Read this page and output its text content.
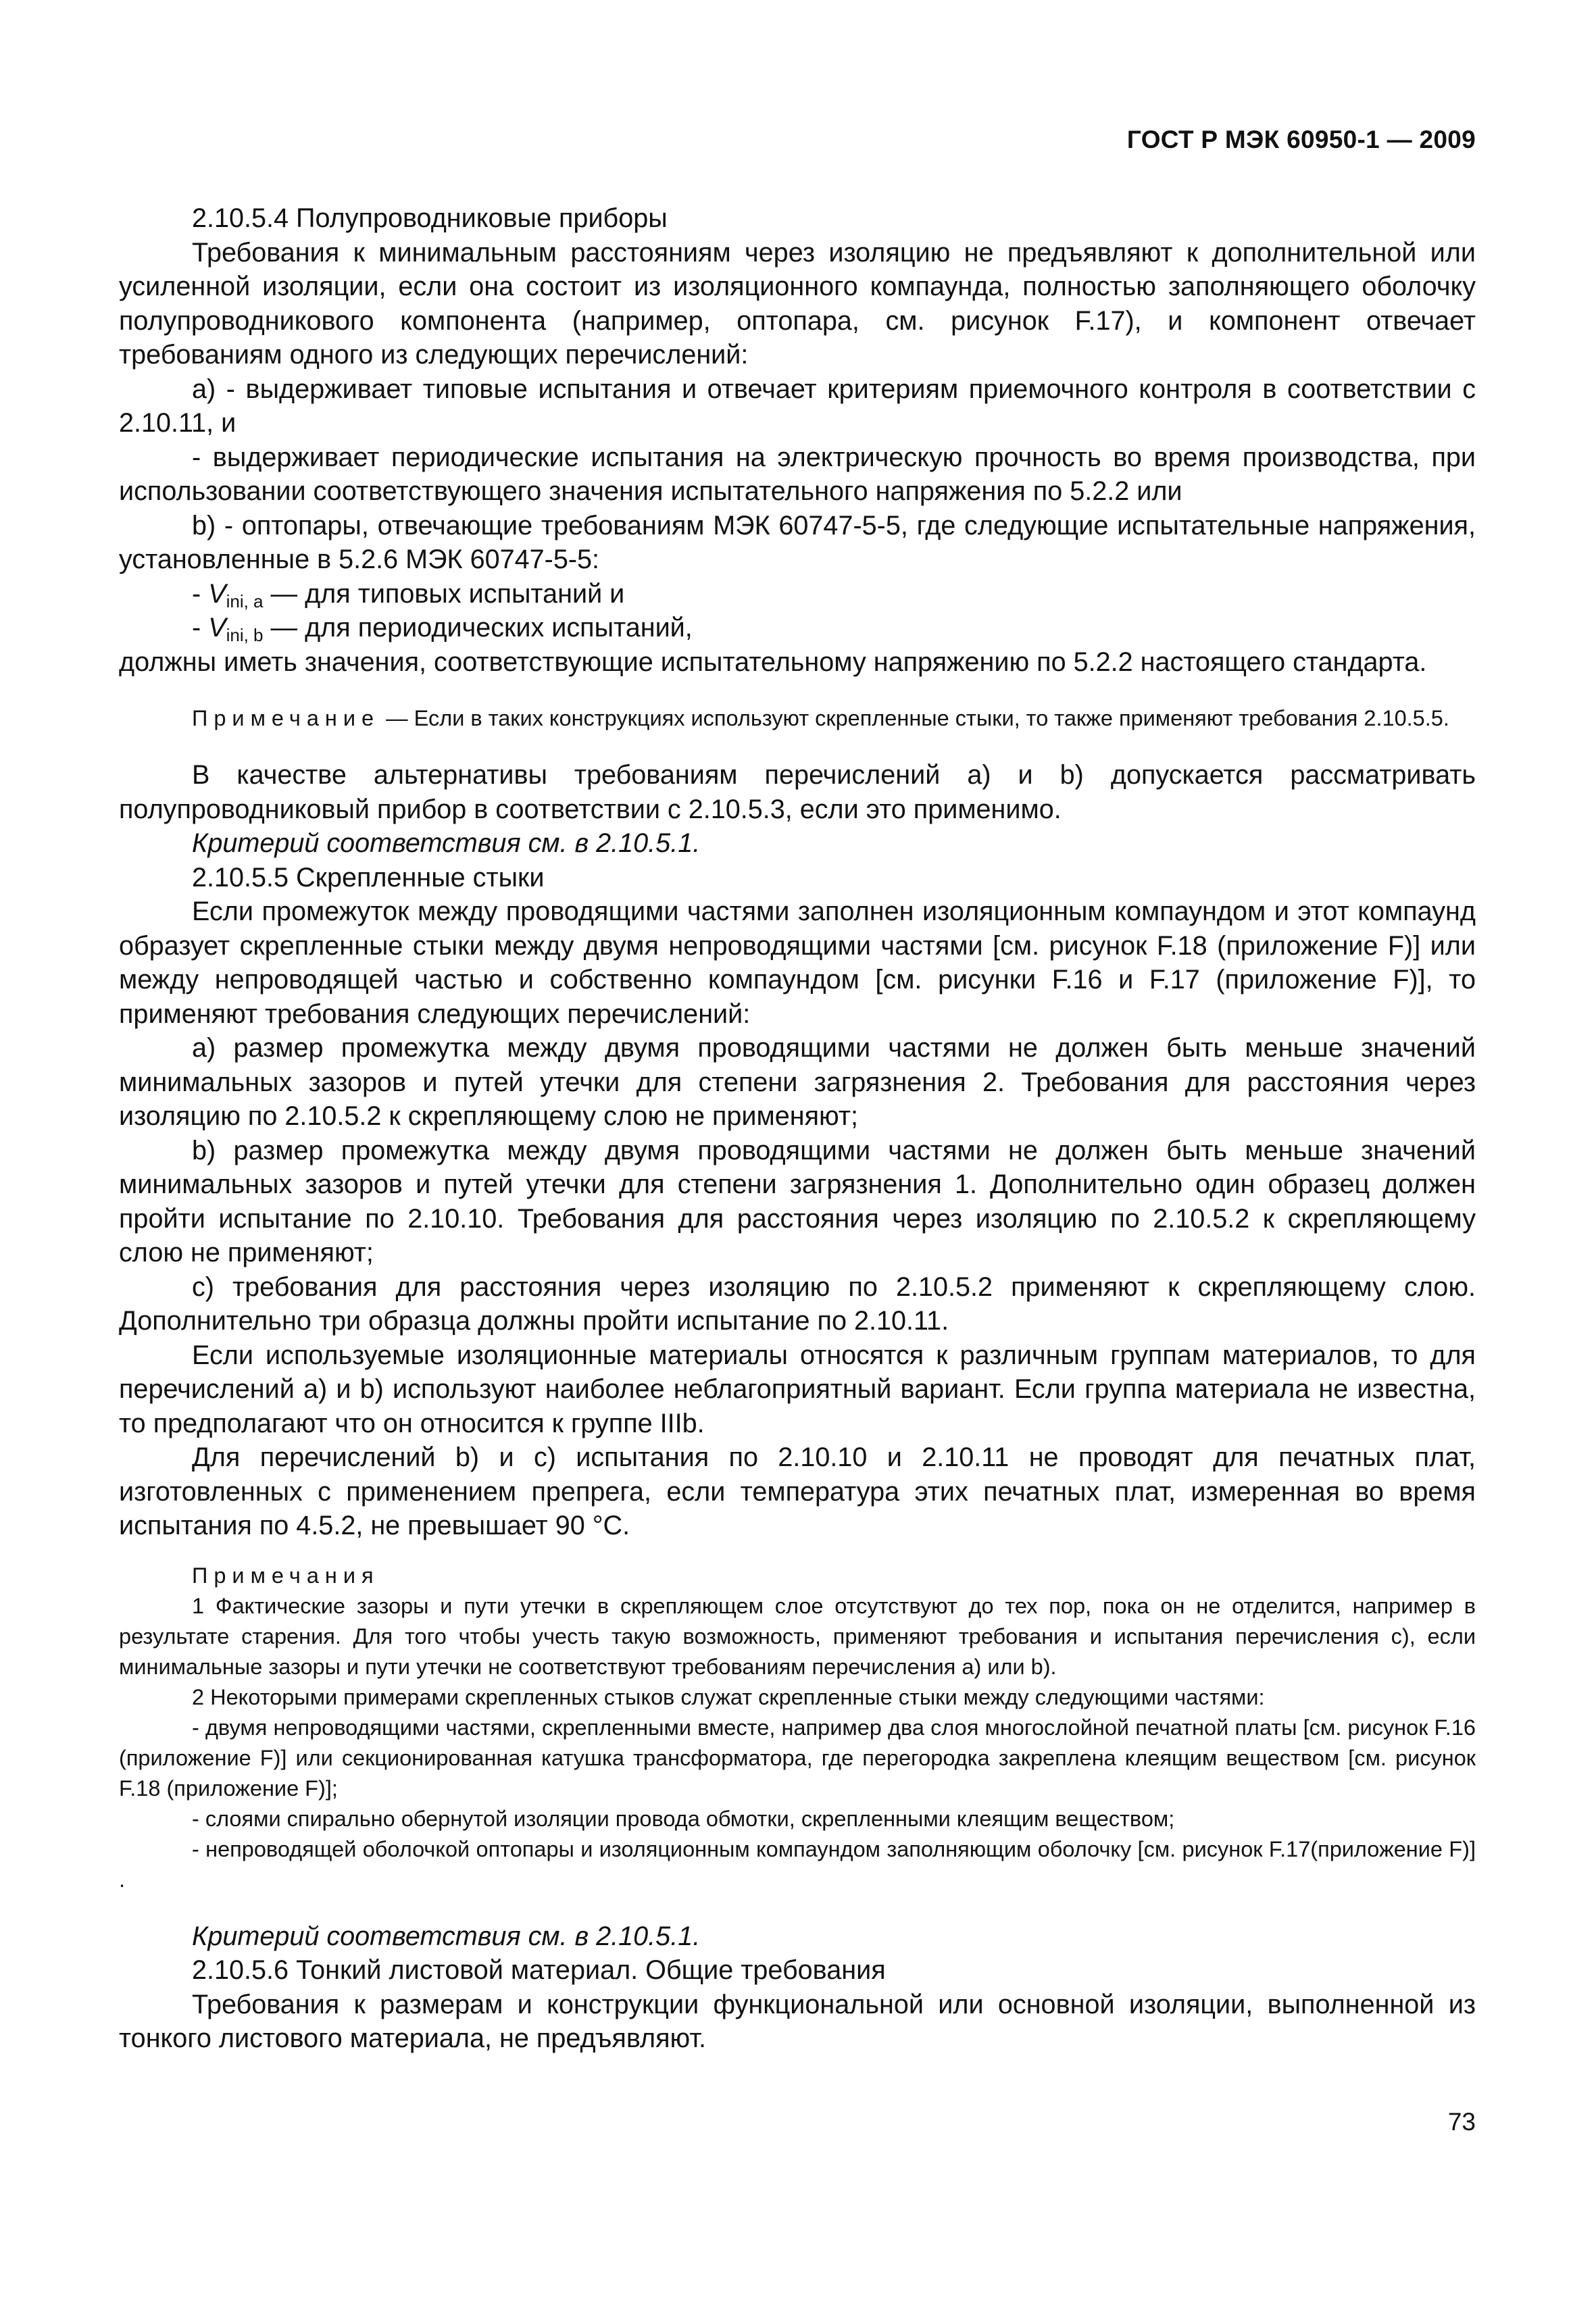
ГОСТ Р МЭК 60950-1 — 2009

2.10.5.4 Полупроводниковые приборы

Требования к минимальным расстояниям через изоляцию не предъявляют к дополнительной или усиленной изоляции, если она состоит из изоляционного компаунда, полностью заполняющего оболочку полупроводникового компонента (например, оптопара, см. рисунок F.17), и компонент отвечает требованиям одного из следующих перечислений:

a) - выдерживает типовые испытания и отвечает критериям приемочного контроля в соответствии с 2.10.11, и

- выдерживает периодические испытания на электрическую прочность во время производства, при использовании соответствующего значения испытательного напряжения по 5.2.2 или

b) - оптопары, отвечающие требованиям МЭК 60747-5-5, где следующие испытательные напряжения, установленные в 5.2.6 МЭК 60747-5-5:

- $V_{ini, a}$ — для типовых испытаний и

- $V_{ini, b}$ — для периодических испытаний,

должны иметь значения, соответствующие испытательному напряжению по 5.2.2 настоящего стандарта.

Примечание — Если в таких конструкциях используют скрепленные стыки, то также применяют требования 2.10.5.5.

В качестве альтернативы требованиям перечислений а) и b) допускается рассматривать полупроводниковый прибор в соответствии с 2.10.5.3, если это применимо.

Критерий соответствия см. в 2.10.5.1.

2.10.5.5 Скрепленные стыки

Если промежуток между проводящими частями заполнен изоляционным компаундом и этот компаунд образует скрепленные стыки между двумя непроводящими частями [см. рисунок F.18 (приложение F)] или между непроводящей частью и собственно компаундом [см. рисунки F.16 и F.17 (приложение F)], то применяют требования следующих перечислений:

a) размер промежутка между двумя проводящими частями не должен быть меньше значений минимальных зазоров и путей утечки для степени загрязнения 2. Требования для расстояния через изоляцию по 2.10.5.2 к скрепляющему слою не применяют;

b) размер промежутка между двумя проводящими частями не должен быть меньше значений минимальных зазоров и путей утечки для степени загрязнения 1. Дополнительно один образец должен пройти испытание по 2.10.10. Требования для расстояния через изоляцию по 2.10.5.2 к скрепляющему слою не применяют;

c) требования для расстояния через изоляцию по 2.10.5.2 применяют к скрепляющему слою. Дополнительно три образца должны пройти испытание по 2.10.11.

Если используемые изоляционные материалы относятся к различным группам материалов, то для перечислений а) и b) используют наиболее неблагоприятный вариант. Если группа материала не известна, то предполагают что он относится к группе IIIb.

Для перечислений b) и с) испытания по 2.10.10 и 2.10.11 не проводят для печатных плат, изготовленных с применением препрега, если температура этих печатных плат, измеренная во время испытания по 4.5.2, не превышает 90 °С.

Примечания

1 Фактические зазоры и пути утечки в скрепляющем слое отсутствуют до тех пор, пока он не отделится, например в результате старения. Для того чтобы учесть такую возможность, применяют требования и испытания перечисления с), если минимальные зазоры и пути утечки не соответствуют требованиям перечисления а) или b).

2 Некоторыми примерами скрепленных стыков служат скрепленные стыки между следующими частями:

- двумя непроводящими частями, скрепленными вместе, например два слоя многослойной печатной платы [см. рисунок F.16 (приложение F)] или секционированная катушка трансформатора, где перегородка закреплена клеящим веществом [см. рисунок F.18 (приложение F)];

- слоями спирально обернутой изоляции провода обмотки, скрепленными клеящим веществом;

- непроводящей оболочкой оптопары и изоляционным компаундом заполняющим оболочку [см. рисунок F.17(приложение F)] .

Критерий соответствия см. в 2.10.5.1.

2.10.5.6 Тонкий листовой материал. Общие требования

Требования к размерам и конструкции функциональной или основной изоляции, выполненной из тонкого листового материала, не предъявляют.

73
